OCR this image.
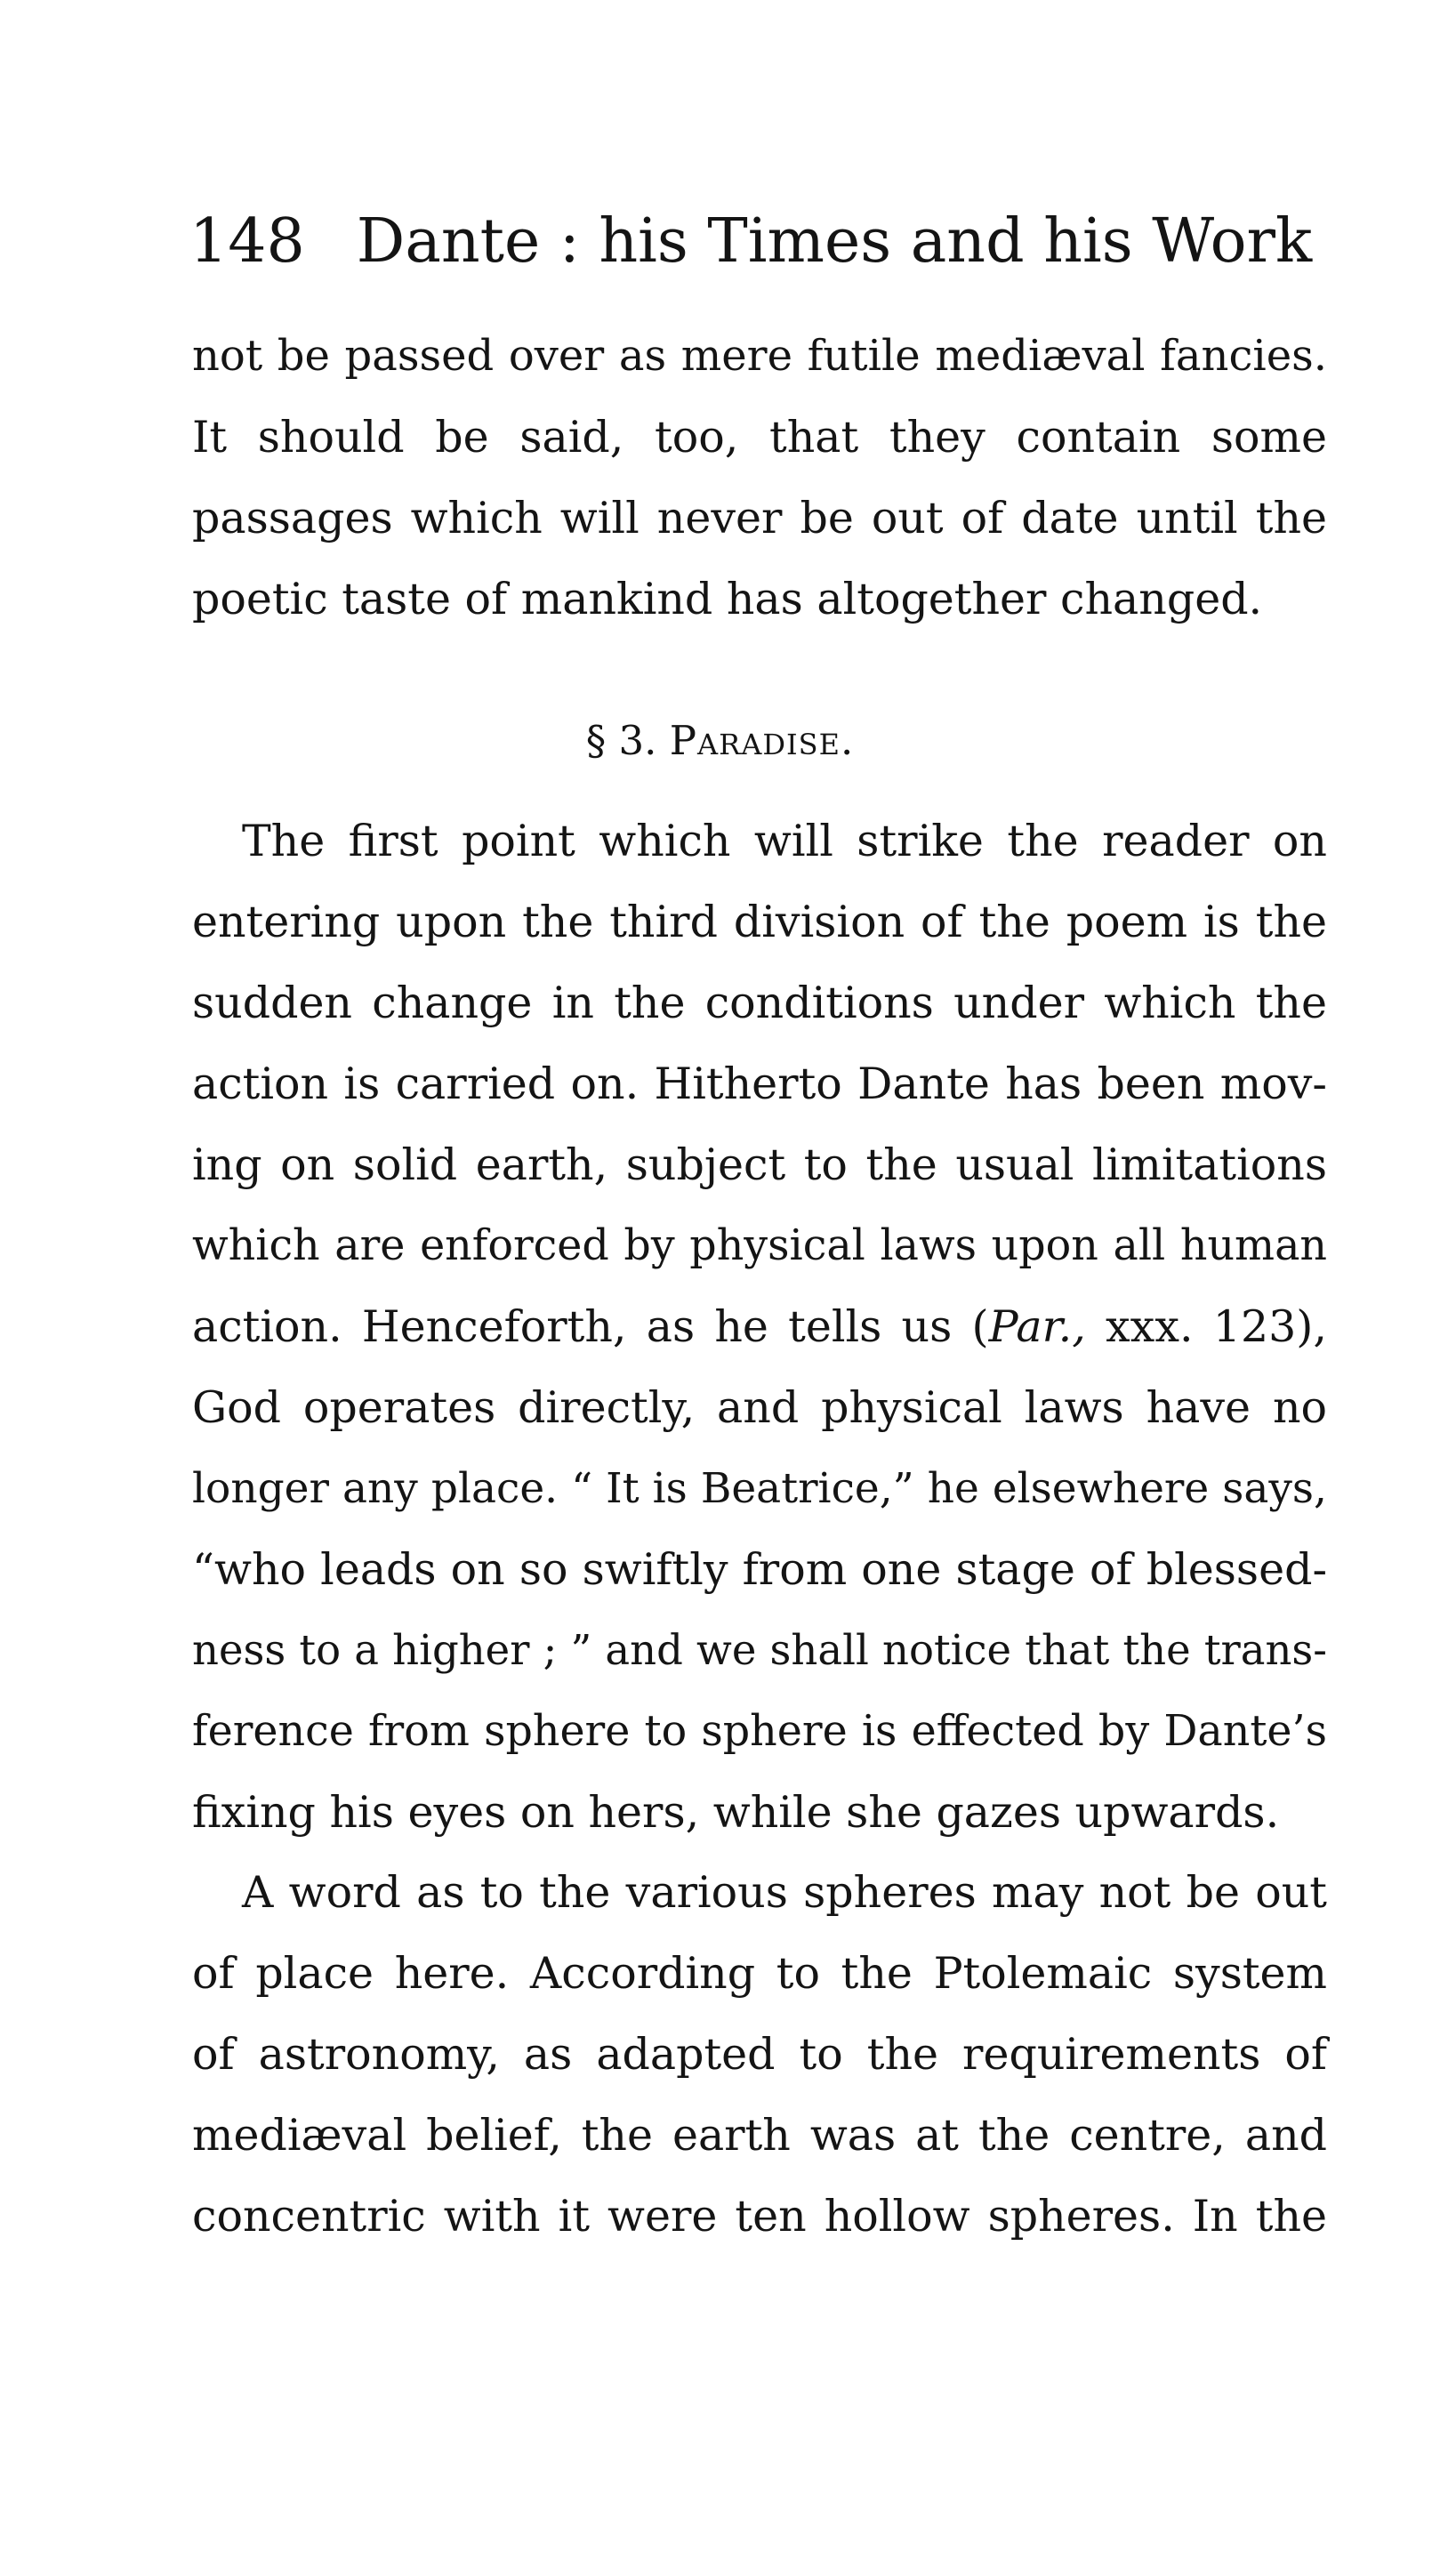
148 Dante : his Times and his Work
not be passed over as mere futile mediæval fancies.
It should be said, too, that they contain some
passages which will never be out of date until the
poetic taste of mankind has altogether changed.
§ 3. Paradise.
The first point which will strike the reader on
entering upon the third division of the poem is the
sudden change in the conditions under which the
action is carried on. Hitherto Dante has been mov-
ing on solid earth, subject to the usual limitations
which are enforced by physical laws upon all human
action. Henceforth, as he tells us (Par., xxx. 123),
God operates directly, and physical laws have no
longer any place. “ It is Beatrice,” he elsewhere says,
“who leads on so swiftly from one stage of blessed-
ness to a higher ; ” and we shall notice that the trans-
ference from sphere to sphere is effected by Dante’s
fixing his eyes on hers, while she gazes upwards.
A word as to the various spheres may not be out
of place here. According to the Ptolemaic system
of astronomy, as adapted to the requirements of
mediæval belief, the earth was at the centre, and
concentric with it were ten hollow spheres. In the
